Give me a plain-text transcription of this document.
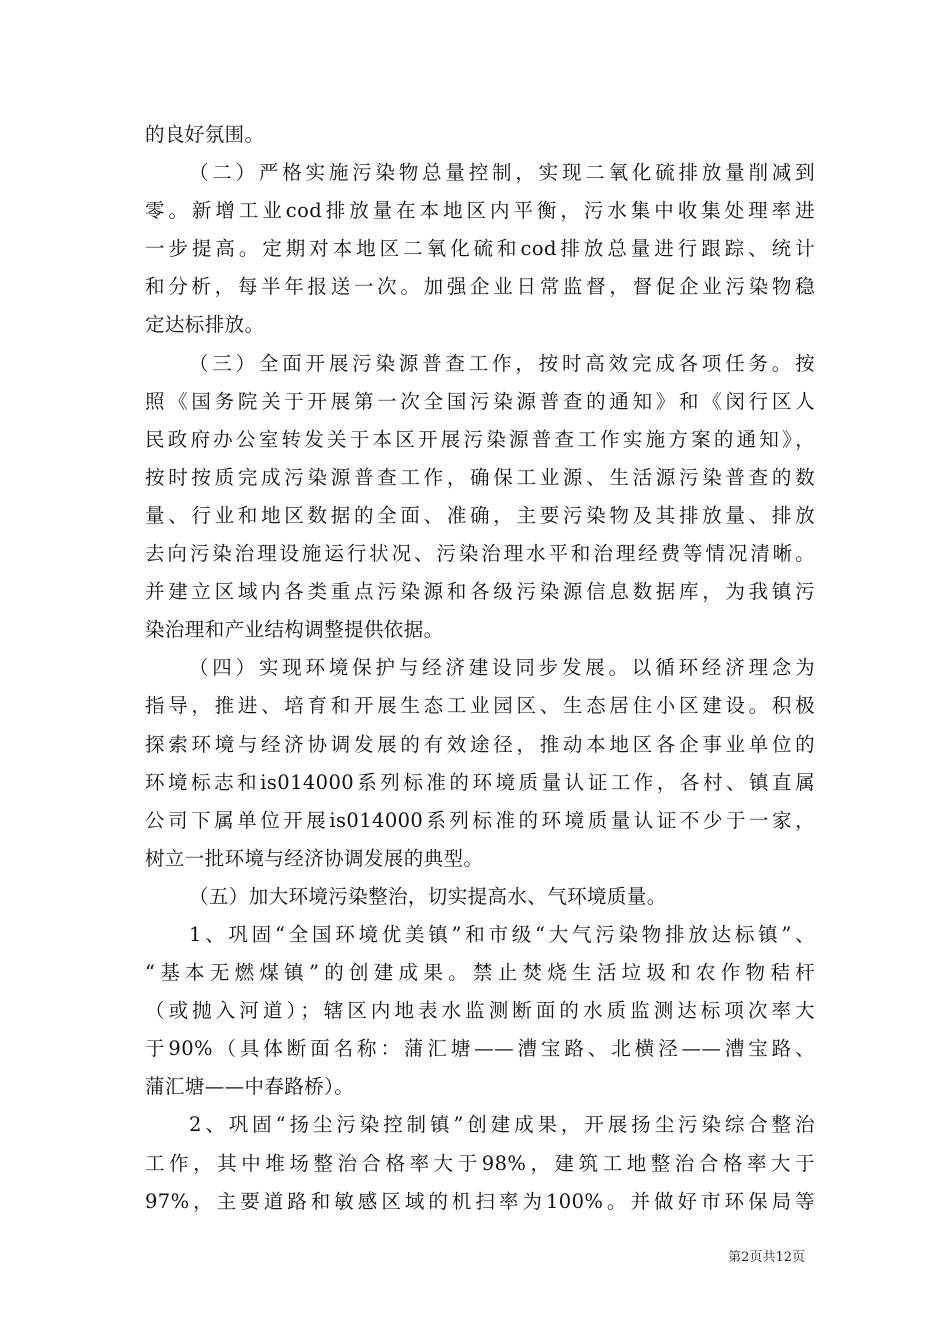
的良好氛围。
（二）严格实施污染物总量控制，实现二氧化硫排放量削减到
零。新增工业cod排放量在本地区内平衡，污水集中收集处理率进
一步提高。定期对本地区二氧化硫和cod排放总量进行跟踪、统计
和分析，每半年报送一次。加强企业日常监督，督促企业污染物稳
定达标排放。
（三）全面开展污染源普查工作，按时高效完成各项任务。按
照《国务院关于开展第一次全国污染源普查的通知》和《闵行区人
民政府办公室转发关于本区开展污染源普查工作实施方案的通知》，
按时按质完成污染源普查工作，确保工业源、生活源污染普查的数
量、行业和地区数据的全面、准确，主要污染物及其排放量、排放
去向污染治理设施运行状况、污染治理水平和治理经费等情况清晰。
并建立区域内各类重点污染源和各级污染源信息数据库，为我镇污
染治理和产业结构调整提供依据。
（四）实现环境保护与经济建设同步发展。以循环经济理念为
指导，推进、培育和开展生态工业园区、生态居住小区建设。积极
探索环境与经济协调发展的有效途径，推动本地区各企事业单位的
环境标志和is014000系列标准的环境质量认证工作，各村、镇直属
公司下属单位开展is014000系列标准的环境质量认证不少于一家，
树立一批环境与经济协调发展的典型。
（五）加大环境污染整治，切实提高水、气环境质量。
1、巩固“全国环境优美镇”和市级“大气污染物排放达标镇”、
“基本无燃煤镇”的创建成果。禁止焚烧生活垃圾和农作物秸杆
（或抛入河道）；辖区内地表水监测断面的水质监测达标项次率大
于90%（具体断面名称：蒲汇塘——漕宝路、北横泾——漕宝路、
蒲汇塘——中春路桥）。
2、巩固“扬尘污染控制镇”创建成果，开展扬尘污染综合整治
工作，其中堆场整治合格率大于98%，建筑工地整治合格率大于
97%，主要道路和敏感区域的机扫率为100%。并做好市环保局等
第2页共12页
